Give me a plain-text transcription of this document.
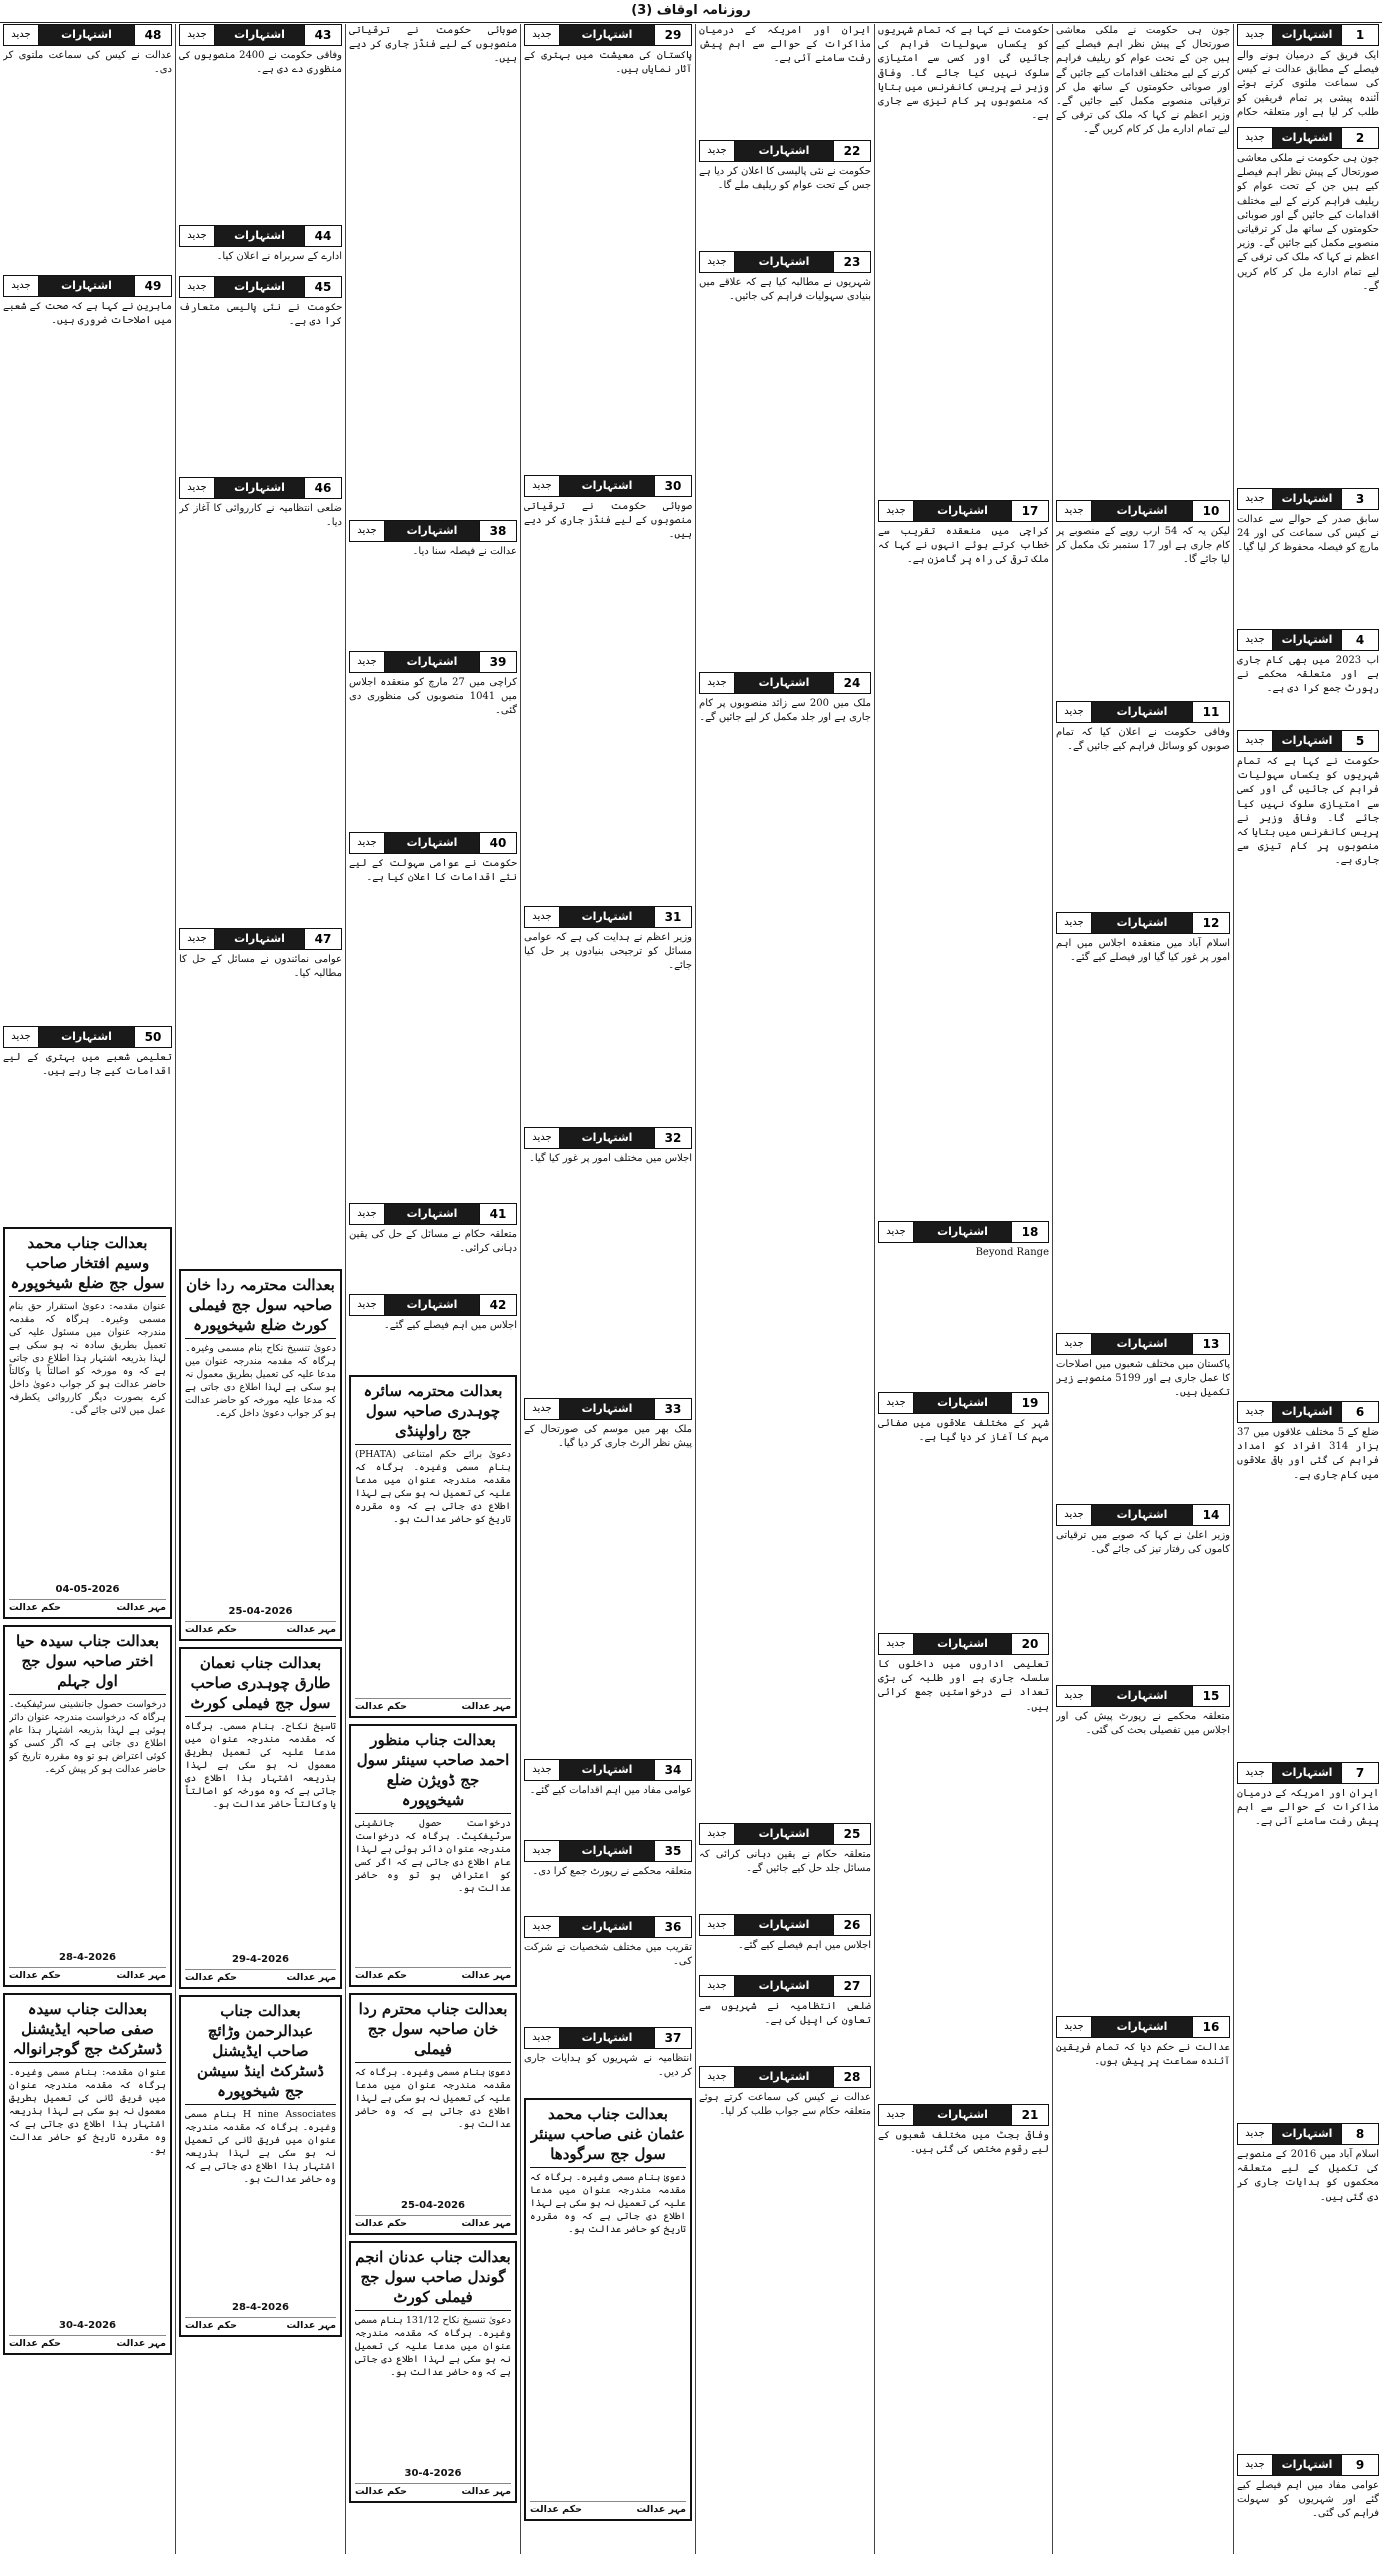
روزنامہ اوقاف (3)
1
اشتہارات
جدید
ایک فریق کے درمیان ہونے والے فیصلے کے مطابق عدالت نے کیس کی سماعت ملتوی کرتے ہوئے آئندہ پیشی پر تمام فریقین کو طلب کر لیا ہے اور متعلقہ حکام
2
اشتہارات
جدید
جون ہی حکومت نے ملکی معاشی صورتحال کے پیش نظر اہم فیصلے کیے ہیں جن کے تحت عوام کو ریلیف فراہم کرنے کے لیے مختلف اقدامات کیے جائیں گے اور صوبائی حکومتوں کے ساتھ مل کر ترقیاتی منصوبے مکمل کیے جائیں گے۔ وزیر اعظم نے کہا کہ ملک کی ترقی کے لیے تمام ادارے مل کر کام کریں گے۔
3
اشتہارات
جدید
سابق صدر کے حوالے سے عدالت نے کیس کی سماعت کی اور 24 مارچ کو فیصلہ محفوظ کر لیا گیا۔
4
اشتہارات
جدید
اب 2023 میں بھی کام جاری ہے اور متعلقہ محکمے نے رپورٹ جمع کرا دی ہے۔
5
اشتہارات
جدید
حکومت نے کہا ہے کہ تمام شہریوں کو یکساں سہولیات فراہم کی جائیں گی اور کسی سے امتیازی سلوک نہیں کیا جائے گا۔ وفاقی وزیر نے پریس کانفرنس میں بتایا کہ منصوبوں پر کام تیزی سے جاری ہے۔
6
اشتہارات
جدید
ضلع کے 5 مختلف علاقوں میں 37 ہزار 314 افراد کو امداد فراہم کی گئی اور باقی علاقوں میں کام جاری ہے۔
7
اشتہارات
جدید
ایران اور امریکہ کے درمیان مذاکرات کے حوالے سے اہم پیش رفت سامنے آئی ہے۔
8
اشتہارات
جدید
اسلام آباد میں 2016 کے منصوبے کی تکمیل کے لیے متعلقہ محکموں کو ہدایات جاری کر دی گئی ہیں۔
9
اشتہارات
جدید
عوامی مفاد میں اہم فیصلے کیے گئے اور شہریوں کو سہولت فراہم کی گئی۔
جون ہی حکومت نے ملکی معاشی صورتحال کے پیش نظر اہم فیصلے کیے ہیں جن کے تحت عوام کو ریلیف فراہم کرنے کے لیے مختلف اقدامات کیے جائیں گے اور صوبائی حکومتوں کے ساتھ مل کر ترقیاتی منصوبے مکمل کیے جائیں گے۔ وزیر اعظم نے کہا کہ ملک کی ترقی کے لیے تمام ادارے مل کر کام کریں گے۔
10
اشتہارات
جدید
لیکن یہ کہ 54 ارب روپے کے منصوبے پر کام جاری ہے اور 17 ستمبر تک مکمل کر لیا جائے گا۔
11
اشتہارات
جدید
وفاقی حکومت نے اعلان کیا کہ تمام صوبوں کو وسائل فراہم کیے جائیں گے۔
12
اشتہارات
جدید
اسلام آباد میں منعقدہ اجلاس میں اہم امور پر غور کیا گیا اور فیصلے کیے گئے۔
13
اشتہارات
جدید
پاکستان میں مختلف شعبوں میں اصلاحات کا عمل جاری ہے اور 5199 منصوبے زیر تکمیل ہیں۔
14
اشتہارات
جدید
وزیر اعلیٰ نے کہا کہ صوبے میں ترقیاتی کاموں کی رفتار تیز کی جائے گی۔
15
اشتہارات
جدید
متعلقہ محکمے نے رپورٹ پیش کی اور اجلاس میں تفصیلی بحث کی گئی۔
16
اشتہارات
جدید
عدالت نے حکم دیا کہ تمام فریقین آئندہ سماعت پر پیش ہوں۔
حکومت نے کہا ہے کہ تمام شہریوں کو یکساں سہولیات فراہم کی جائیں گی اور کسی سے امتیازی سلوک نہیں کیا جائے گا۔ وفاقی وزیر نے پریس کانفرنس میں بتایا کہ منصوبوں پر کام تیزی سے جاری ہے۔
17
اشتہارات
جدید
کراچی میں منعقدہ تقریب سے خطاب کرتے ہوئے انہوں نے کہا کہ ملک ترقی کی راہ پر گامزن ہے۔
18
اشتہارات
جدید
Beyond Range
19
اشتہارات
جدید
شہر کے مختلف علاقوں میں صفائی مہم کا آغاز کر دیا گیا ہے۔
20
اشتہارات
جدید
تعلیمی اداروں میں داخلوں کا سلسلہ جاری ہے اور طلبہ کی بڑی تعداد نے درخواستیں جمع کرائی ہیں۔
21
اشتہارات
جدید
وفاقی بجٹ میں مختلف شعبوں کے لیے رقوم مختص کی گئی ہیں۔
ایران اور امریکہ کے درمیان مذاکرات کے حوالے سے اہم پیش رفت سامنے آئی ہے۔
22
اشتہارات
جدید
حکومت نے نئی پالیسی کا اعلان کر دیا ہے جس کے تحت عوام کو ریلیف ملے گا۔
23
اشتہارات
جدید
شہریوں نے مطالبہ کیا ہے کہ علاقے میں بنیادی سہولیات فراہم کی جائیں۔
24
اشتہارات
جدید
ملک میں 200 سے زائد منصوبوں پر کام جاری ہے اور جلد مکمل کر لیے جائیں گے۔
25
اشتہارات
جدید
متعلقہ حکام نے یقین دہانی کرائی کہ مسائل جلد حل کیے جائیں گے۔
26
اشتہارات
جدید
اجلاس میں اہم فیصلے کیے گئے۔
27
اشتہارات
جدید
ضلعی انتظامیہ نے شہریوں سے تعاون کی اپیل کی ہے۔
28
اشتہارات
جدید
عدالت نے کیس کی سماعت کرتے ہوئے متعلقہ حکام سے جواب طلب کر لیا۔
29
اشتہارات
جدید
پاکستان کی معیشت میں بہتری کے آثار نمایاں ہیں۔
30
اشتہارات
جدید
صوبائی حکومت نے ترقیاتی منصوبوں کے لیے فنڈز جاری کر دیے ہیں۔
31
اشتہارات
جدید
وزیر اعظم نے ہدایت کی ہے کہ عوامی مسائل کو ترجیحی بنیادوں پر حل کیا جائے۔
32
اشتہارات
جدید
اجلاس میں مختلف امور پر غور کیا گیا۔
33
اشتہارات
جدید
ملک بھر میں موسم کی صورتحال کے پیش نظر الرٹ جاری کر دیا گیا۔
34
اشتہارات
جدید
عوامی مفاد میں اہم اقدامات کیے گئے۔
35
اشتہارات
جدید
متعلقہ محکمے نے رپورٹ جمع کرا دی۔
36
اشتہارات
جدید
تقریب میں مختلف شخصیات نے شرکت کی۔
37
اشتہارات
جدید
انتظامیہ نے شہریوں کو ہدایات جاری کر دیں۔
بعدالت جناب محمد عثمان غنی صاحب سینئر سول جج سرگودھا
دعویٰ بنام مسمی وغیرہ۔ ہرگاہ کہ مقدمہ مندرجہ عنوان میں مدعا علیہ کی تعمیل نہ ہو سکی ہے لہذا اطلاع دی جاتی ہے کہ وہ مقررہ تاریخ کو حاضر عدالت ہو۔
مہر عدالت
حکم عدالت
صوبائی حکومت نے ترقیاتی منصوبوں کے لیے فنڈز جاری کر دیے ہیں۔
38
اشتہارات
جدید
عدالت نے فیصلہ سنا دیا۔
39
اشتہارات
جدید
کراچی میں 27 مارچ کو منعقدہ اجلاس میں 1041 منصوبوں کی منظوری دی گئی۔
40
اشتہارات
جدید
حکومت نے عوامی سہولت کے لیے نئے اقدامات کا اعلان کیا ہے۔
41
اشتہارات
جدید
متعلقہ حکام نے مسائل کے حل کی یقین دہانی کرائی۔
42
اشتہارات
جدید
اجلاس میں اہم فیصلے کیے گئے۔
بعدالت محترمہ سائرہ چوہدری صاحبہ سول جج راولپنڈی
دعویٰ برائے حکم امتناعی (PHATA) بنام مسمی وغیرہ۔ ہرگاہ کہ مقدمہ مندرجہ عنوان میں مدعا علیہ کی تعمیل نہ ہو سکی ہے لہذا اطلاع دی جاتی ہے کہ وہ مقررہ تاریخ کو حاضر عدالت ہو۔
مہر عدالت
حکم عدالت
بعدالت جناب منظور احمد صاحب سینئر سول جج ڈویژن ضلع شیخوپورہ
درخواست حصول جانشینی سرٹیفکیٹ۔ ہرگاہ کہ درخواست مندرجہ عنوان دائر ہوئی ہے لہذا عام اطلاع دی جاتی ہے کہ اگر کسی کو اعتراض ہو تو وہ حاضر عدالت ہو۔
مہر عدالت
حکم عدالت
بعدالت جناب محترم ردا خان صاحبہ سول جج فیملی
دعویٰ بنام مسمی وغیرہ۔ ہرگاہ کہ مقدمہ مندرجہ عنوان میں مدعا علیہ کی تعمیل نہ ہو سکی ہے لہذا اطلاع دی جاتی ہے کہ وہ حاضر عدالت ہو۔
25-04-2026
مہر عدالت
حکم عدالت
بعدالت جناب عدنان انجم گوندل صاحب سول جج فیملی کورٹ
دعویٰ تنسیخ نکاح 131/12 بنام مسمی وغیرہ۔ ہرگاہ کہ مقدمہ مندرجہ عنوان میں مدعا علیہ کی تعمیل نہ ہو سکی ہے لہذا اطلاع دی جاتی ہے کہ وہ حاضر عدالت ہو۔
30-4-2026
مہر عدالت
حکم عدالت
43
اشتہارات
جدید
وفاقی حکومت نے 2400 منصوبوں کی منظوری دے دی ہے۔
44
اشتہارات
جدید
ادارے کے سربراہ نے اعلان کیا۔
45
اشتہارات
جدید
حکومت نے نئی پالیسی متعارف کرا دی ہے۔
46
اشتہارات
جدید
ضلعی انتظامیہ نے کارروائی کا آغاز کر دیا۔
47
اشتہارات
جدید
عوامی نمائندوں نے مسائل کے حل کا مطالبہ کیا۔
بعدالت محترمہ ردا خان صاحبہ سول جج فیملی کورٹ ضلع شیخوپورہ
دعویٰ تنسیخ نکاح بنام مسمی وغیرہ۔ ہرگاہ کہ مقدمہ مندرجہ عنوان میں مدعا علیہ کی تعمیل بطریق معمول نہ ہو سکی ہے لہذا اطلاع دی جاتی ہے کہ مدعا علیہ مورخہ کو حاضر عدالت ہو کر جواب دعویٰ داخل کرے۔
25-04-2026
مہر عدالت
حکم عدالت
بعدالت جناب نعمان طارق چوہدری صاحب سول جج فیملی کورٹ
تاسیخ نکاح۔ بنام مسمی۔ ہرگاہ کہ مقدمہ مندرجہ عنوان میں مدعا علیہ کی تعمیل بطریق معمول نہ ہو سکی ہے لہذا بذریعہ اشتہار ہذا اطلاع دی جاتی ہے کہ وہ مورخہ کو اصالتاً یا وکالتاً حاضر عدالت ہو۔
29-4-2026
مہر عدالت
حکم عدالت
بعدالت جناب عبدالرحمن وڑائچ صاحب ایڈیشنل ڈسٹرکٹ اینڈ سیشن جج شیخوپورہ
H nine Associates بنام مسمی وغیرہ۔ ہرگاہ کہ مقدمہ مندرجہ عنوان میں فریق ثانی کی تعمیل نہ ہو سکی ہے لہذا بذریعہ اشتہار ہذا اطلاع دی جاتی ہے کہ وہ حاضر عدالت ہو۔
28-4-2026
مہر عدالت
حکم عدالت
48
اشتہارات
جدید
عدالت نے کیس کی سماعت ملتوی کر دی۔
49
اشتہارات
جدید
ماہرین نے کہا ہے کہ صحت کے شعبے میں اصلاحات ضروری ہیں۔
50
اشتہارات
جدید
تعلیمی شعبے میں بہتری کے لیے اقدامات کیے جا رہے ہیں۔
بعدالت جناب محمد وسیم افتخار صاحب سول جج ضلع شیخوپورہ
عنوان مقدمہ: دعویٰ استقرار حق بنام مسمی وغیرہ۔ ہرگاہ کہ مقدمہ مندرجہ عنوان میں مسئول علیہ کی تعمیل بطریق سادہ نہ ہو سکی ہے لہذا بذریعہ اشتہار ہذا اطلاع دی جاتی ہے کہ وہ مورخہ کو اصالتاً یا وکالتاً حاضر عدالت ہو کر جواب دعویٰ داخل کرے بصورت دیگر کارروائی یکطرفہ عمل میں لائی جائے گی۔
04-05-2026
مہر عدالت
حکم عدالت
بعدالت جناب سیدہ حیا اختر صاحبہ سول جج اول جہلم
درخواست حصول جانشینی سرٹیفکیٹ۔ ہرگاہ کہ درخواست مندرجہ عنوان دائر ہوئی ہے لہذا بذریعہ اشتہار ہذا عام اطلاع دی جاتی ہے کہ اگر کسی کو کوئی اعتراض ہو تو وہ مقررہ تاریخ کو حاضر عدالت ہو کر پیش کرے۔
28-4-2026
مہر عدالت
حکم عدالت
بعدالت جناب سیدہ صفی صاحبہ ایڈیشنل ڈسٹرکٹ جج گوجرانوالہ
عنوان مقدمہ: بنام مسمی وغیرہ۔ ہرگاہ کہ مقدمہ مندرجہ عنوان میں فریق ثانی کی تعمیل بطریق معمول نہ ہو سکی ہے لہذا بذریعہ اشتہار ہذا اطلاع دی جاتی ہے کہ وہ مقررہ تاریخ کو حاضر عدالت ہو۔
30-4-2026
مہر عدالت
حکم عدالت
